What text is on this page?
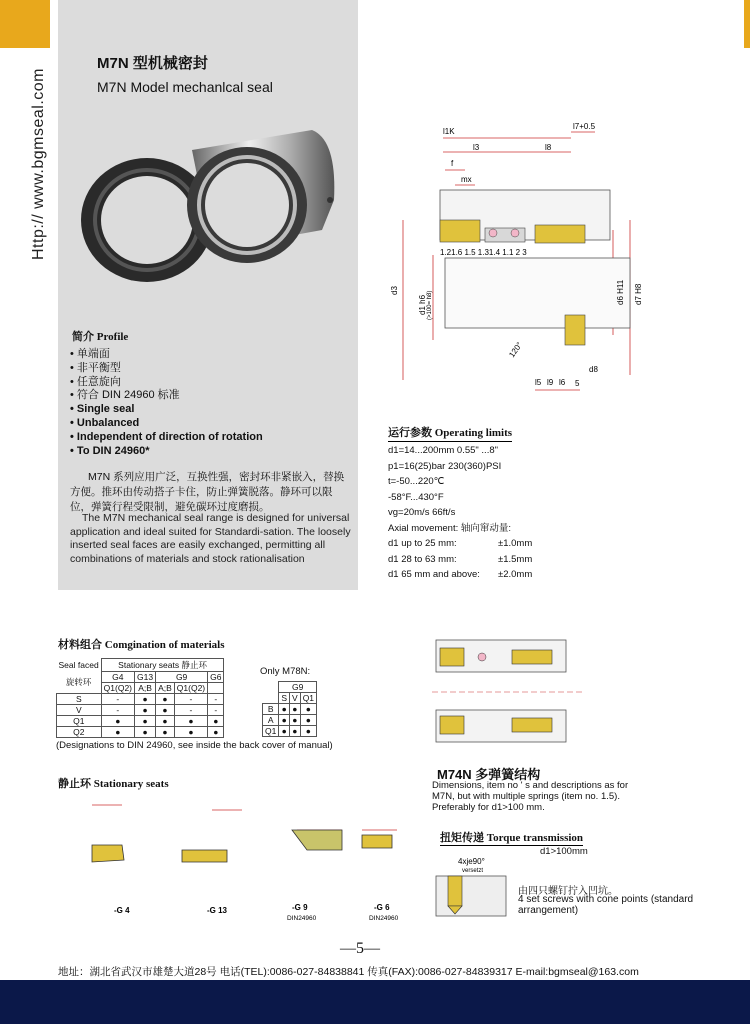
Http:// www.bgmseal.com
M7N 型机械密封
M7N Model mechanlcal seal
简介 Profile
• 单端面
• 非平衡型
• 任意旋向
• 符合 DIN 24960 标准
• Single seal
• Unbalanced
• Independent of direction of rotation
• To DIN 24960*
M7N 系列应用广泛，互换性强，密封环非紧嵌入，替换方便。推环由传动搭子卡住，防止弹簧脱落。静环可以限位，弹簧行程受限制，避免碳环过度磨损。
The M7N mechanical seal range is designed for universal application and ideal suited for Standardi-sation. The loosely inserted seal faces are easily exchanged, permitting all combinations of materials and stock rationalisation
l1K
l7+0.5
l3	l8
f
mx
1.21.6 1.5 1.31.4 1.1 2 3
d3
d1 h6 (>100= h8)	d6 H11 d7 H8
120°
l5 l9 l6
d8
5
运行参数 Operating limits
d1=14...200mm 0.55" ...8"
p1=16(25)bar 230(360)PSI
t=-50...220℃
-58°F...430°F
vg=20m/s 66ft/s
Axial movement: 轴向窜动量:
d1 up to 25 mm:	±1.0mm
d1 28 to 63 mm:	±1.5mm
d1 65 mm and above:	±2.0mm
材料组合 Comgination of materials
Seal faced	Stationary seats 静止环				
旋转环	G4	G13	G9		G6
	Q1(Q2)	A;B	A;B	Q1(Q2)	
S	-	●	●	-	-
V	-	●	●	-	-
Q1	●	●	●	●	●
Q2	●	●	●	●	●
Only M78N:
	G9		
	S	V	Q1
B	●	●	●
A	●	●	●
Q1	●	●	●
(Designations to DIN 24960, see inside the back cover of manual)
静止环 Stationary seats
-G 4	-G 13	-G 9
DIN24960
-G 6
DIN24960
M74N 多弹簧结构
Dimensions, item no ' s and descriptions as for M7N, but with multiple springs (item no. 1.5). Preferably for d1>100 mm.
扭矩传递 Torque transmission
d1>100mm
4xje90°
versetzt
由四只螺钉拧入凹坑。
4 set screws with cone points (standard arrangement)
—5—
地址：湖北省武汉市雄楚大道28号 电话(TEL):0086-027-84838841 传真(FAX):0086-027-84839317 E-mail:bgmseal@163.com
